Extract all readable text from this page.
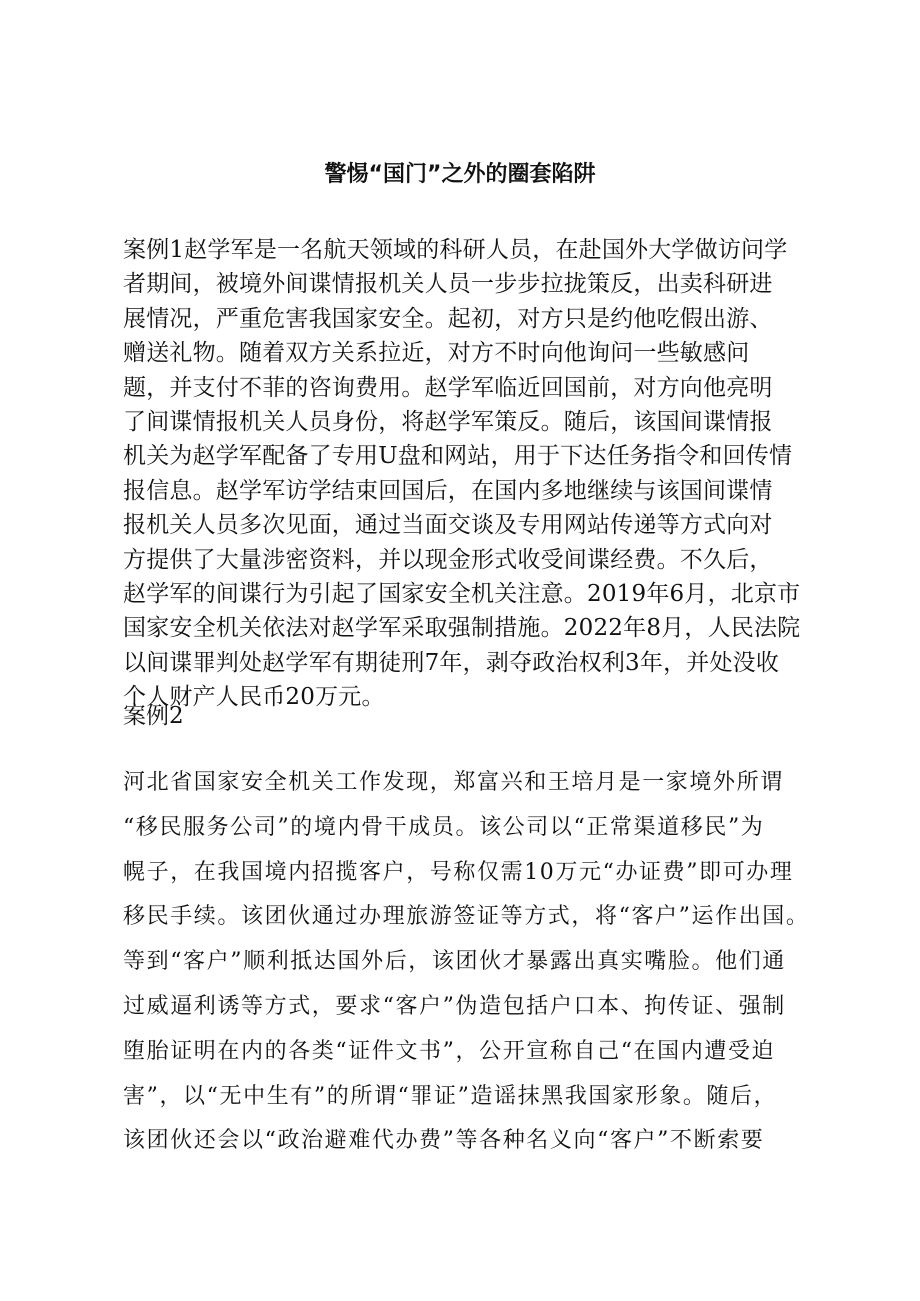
警惕“国门”之外的圈套陷阱
案例1赵学军是一名航天领域的科研人员，在赴国外大学做访问学
者期间，被境外间谍情报机关人员一步步拉拢策反，出卖科研进
展情况，严重危害我国家安全。起初，对方只是约他吃假出游、
赠送礼物。随着双方关系拉近，对方不时向他询问一些敏感问
题，并支付不菲的咨询费用。赵学军临近回国前，对方向他亮明
了间谍情报机关人员身份，将赵学军策反。随后，该国间谍情报
机关为赵学军配备了专用U盘和网站，用于下达任务指令和回传情
报信息。赵学军访学结束回国后，在国内多地继续与该国间谍情
报机关人员多次见面，通过当面交谈及专用网站传递等方式向对
方提供了大量涉密资料，并以现金形式收受间谍经费。不久后，
赵学军的间谍行为引起了国家安全机关注意。2019年6月，北京市
国家安全机关依法对赵学军采取强制措施。2022年8月，人民法院
以间谍罪判处赵学军有期徒刑7年，剥夺政治权利3年，并处没收
个人财产人民币20万元。
案例2
河北省国家安全机关工作发现，郑富兴和王培月是一家境外所谓
“移民服务公司”的境内骨干成员。该公司以“正常渠道移民”为
幌子，在我国境内招揽客户，号称仅需10万元“办证费”即可办理
移民手续。该团伙通过办理旅游签证等方式，将“客户”运作出国。
等到“客户”顺利抵达国外后，该团伙才暴露出真实嘴脸。他们通
过威逼利诱等方式，要求“客户”伪造包括户口本、拘传证、强制
堕胎证明在内的各类“证件文书”，公开宣称自己“在国内遭受迫
害”，以“无中生有”的所谓“罪证”造谣抹黑我国家形象。随后，
该团伙还会以“政治避难代办费”等各种名义向“客户”不断索要
